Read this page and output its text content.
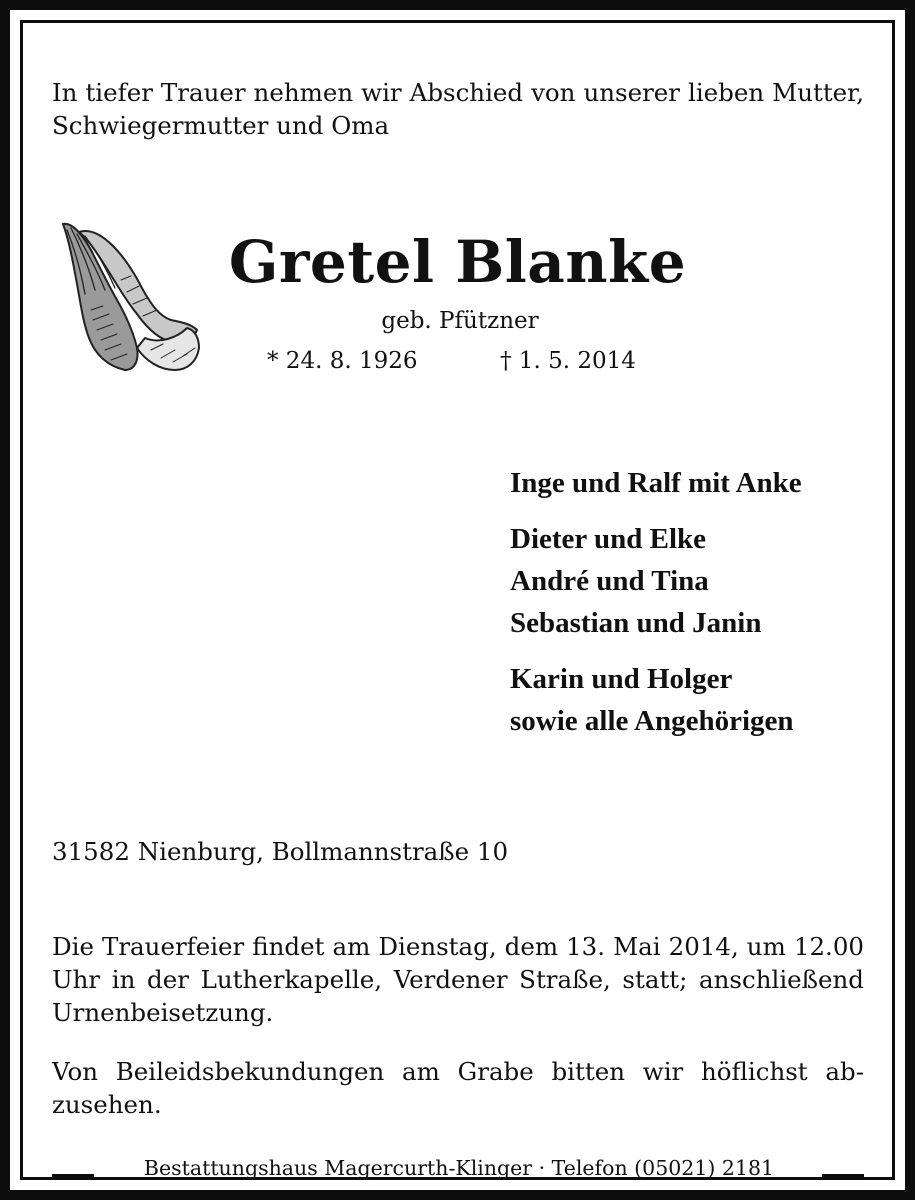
In tiefer Trauer nehmen wir Abschied von unserer lieben Mutter, Schwiegermutter und Oma

Gretel Blanke
geb. Pfützner
* 24. 8. 1926	† 1. 5. 2014
Inge und Ralf mit Anke
Dieter und Elke
André und Tina
Sebastian und Janin
Karin und Holger
sowie alle Angehörigen
31582 Nienburg, Bollmannstraße 10

Die Trauerfeier findet am Dienstag, dem 13. Mai 2014, um 12.00 Uhr in der Lutherkapelle, Verdener Straße, statt; anschließend Urnenbeisetzung.

Von Beileidsbekundungen am Grabe bitten wir höflichst abzusehen.

Bestattungshaus Magercurth-Klinger · Telefon (05021) 2181
